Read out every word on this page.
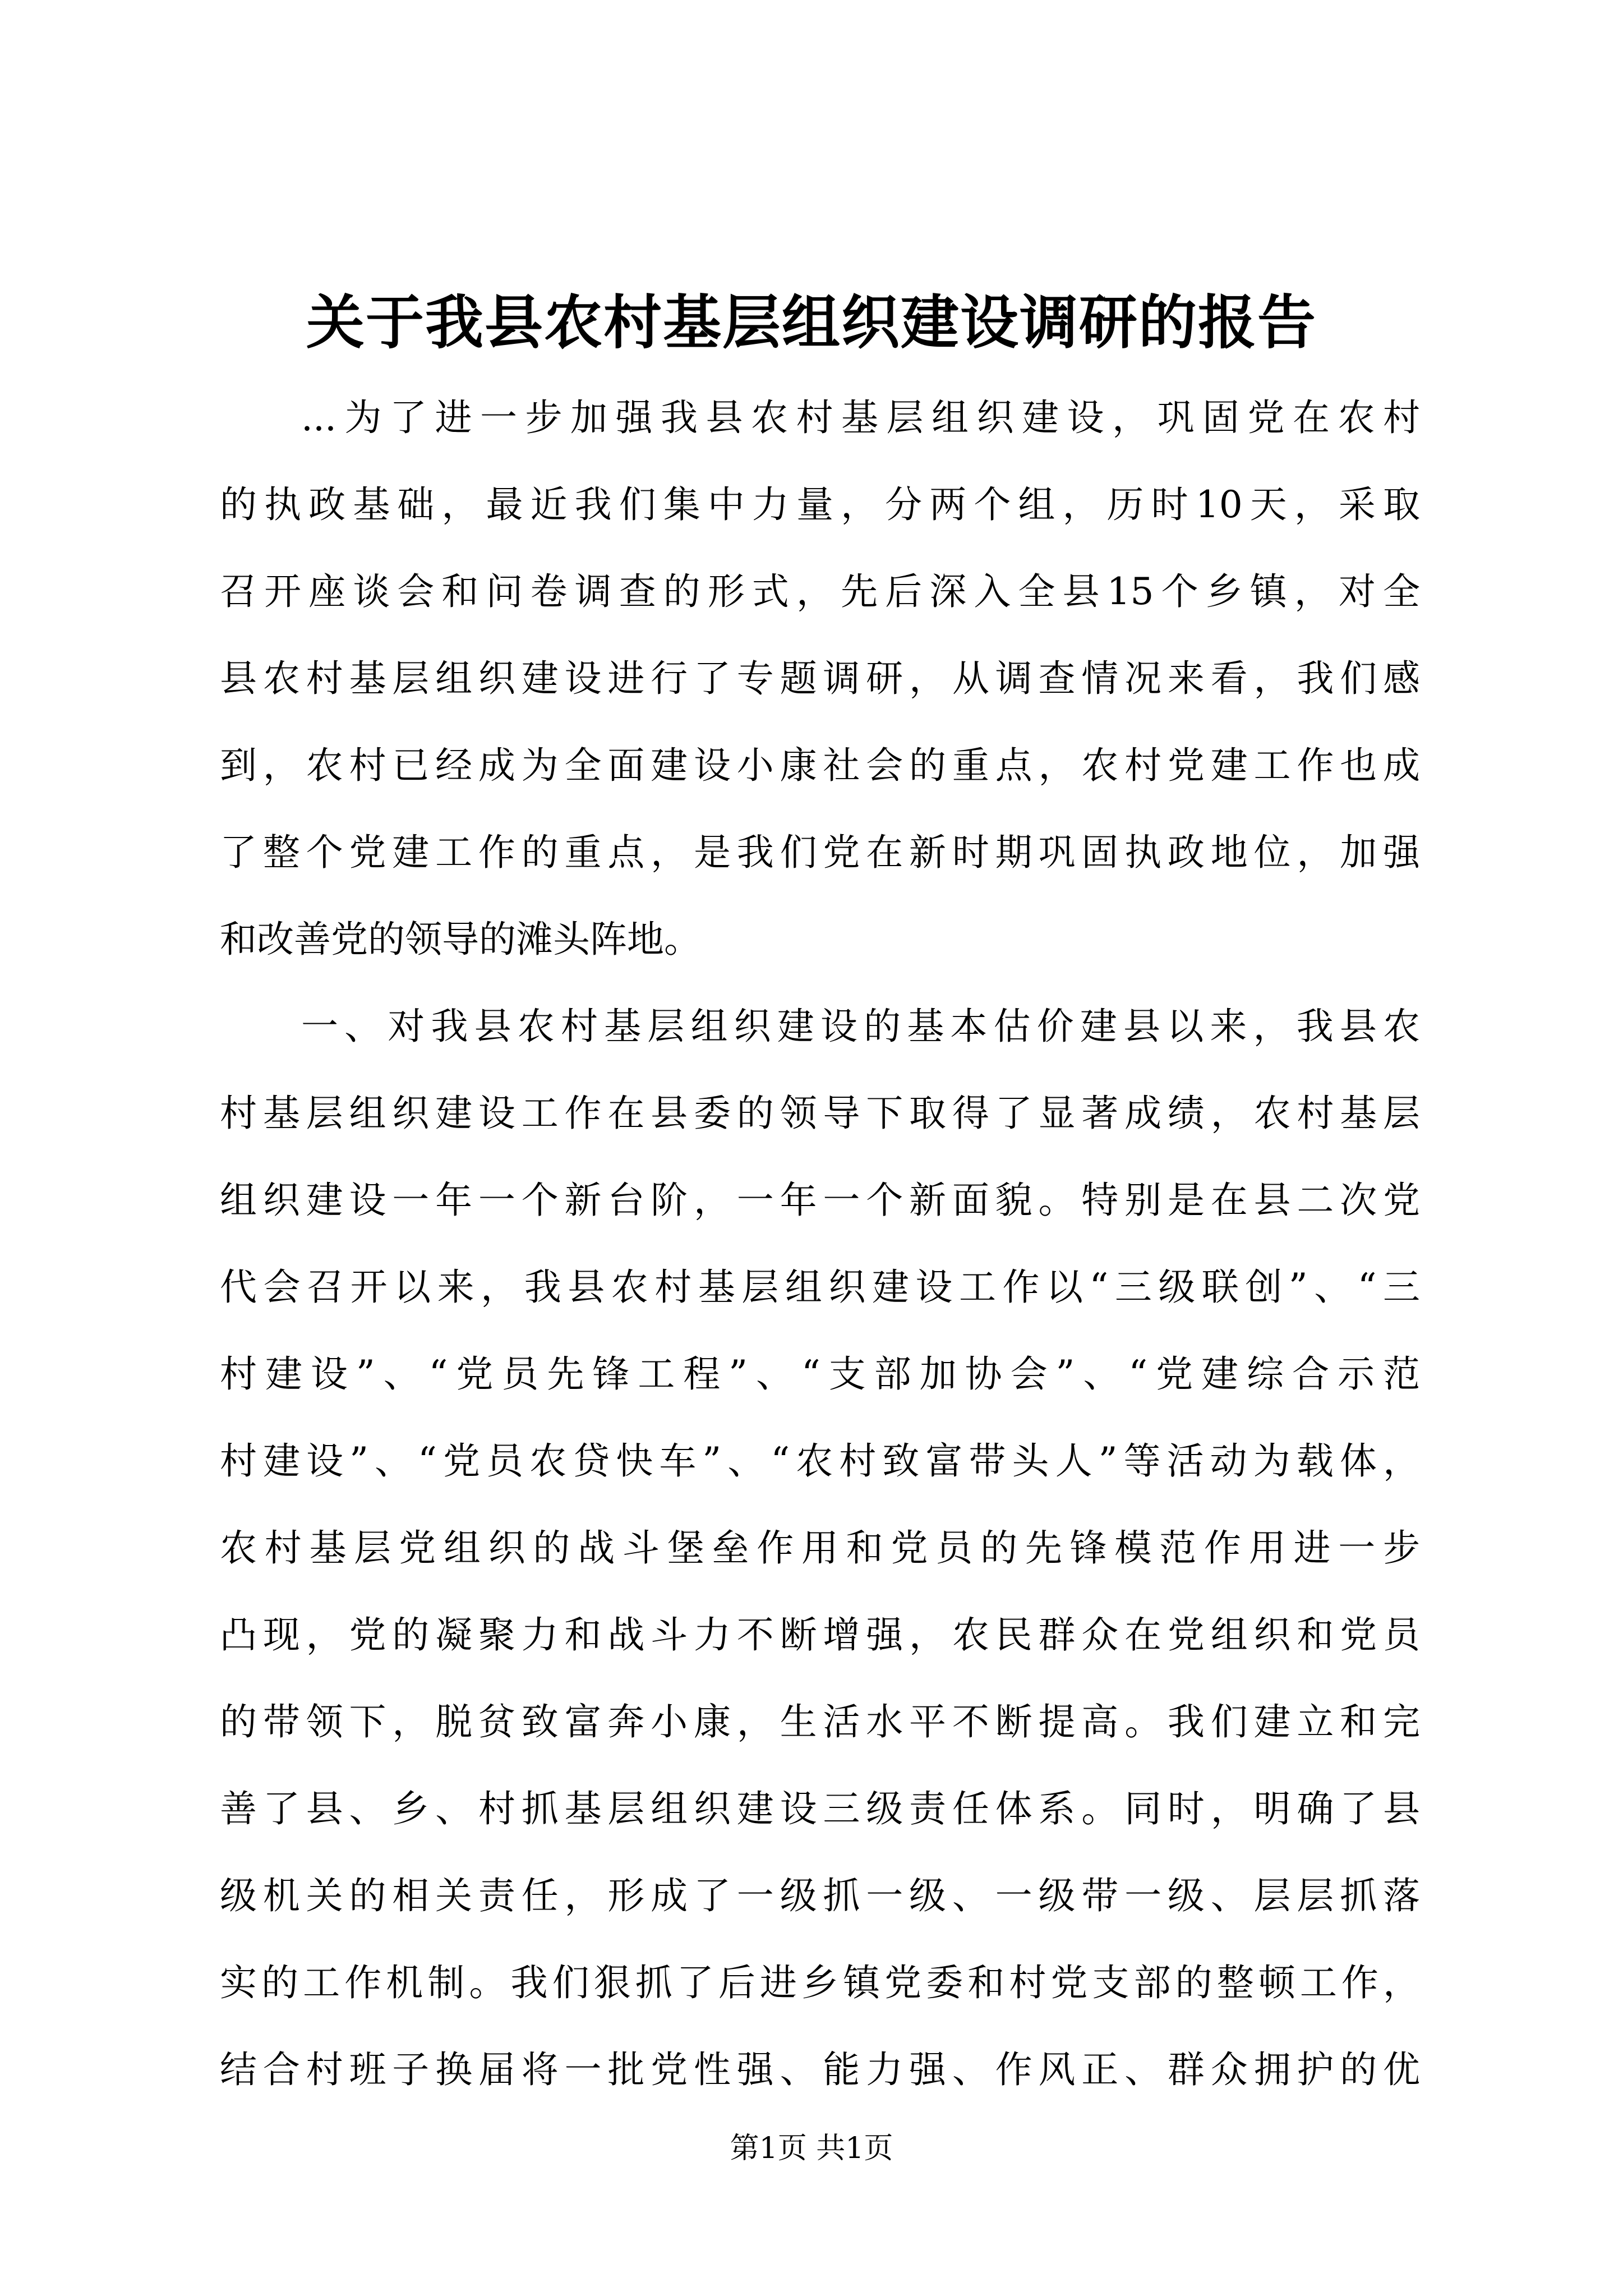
关于我县农村基层组织建设调研的报告
...为了进一步加强我县农村基层组织建设，巩固党在农村
的执政基础，最近我们集中力量，分两个组，历时10天，采取
召开座谈会和问卷调查的形式，先后深入全县15个乡镇，对全
县农村基层组织建设进行了专题调研，从调查情况来看，我们感
到，农村已经成为全面建设小康社会的重点，农村党建工作也成
了整个党建工作的重点，是我们党在新时期巩固执政地位，加强
和改善党的领导的滩头阵地。
一、对我县农村基层组织建设的基本估价建县以来，我县农
村基层组织建设工作在县委的领导下取得了显著成绩，农村基层
组织建设一年一个新台阶，一年一个新面貌。特别是在县二次党
代会召开以来，我县农村基层组织建设工作以“三级联创”、“三
村建设”、“党员先锋工程”、“支部加协会”、“党建综合示范
村建设”、“党员农贷快车”、“农村致富带头人”等活动为载体，
农村基层党组织的战斗堡垒作用和党员的先锋模范作用进一步
凸现，党的凝聚力和战斗力不断增强，农民群众在党组织和党员
的带领下，脱贫致富奔小康，生活水平不断提高。我们建立和完
善了县、乡、村抓基层组织建设三级责任体系。同时，明确了县
级机关的相关责任，形成了一级抓一级、一级带一级、层层抓落
实的工作机制。我们狠抓了后进乡镇党委和村党支部的整顿工作，
结合村班子换届将一批党性强、能力强、作风正、群众拥护的优
第1页 共1页
